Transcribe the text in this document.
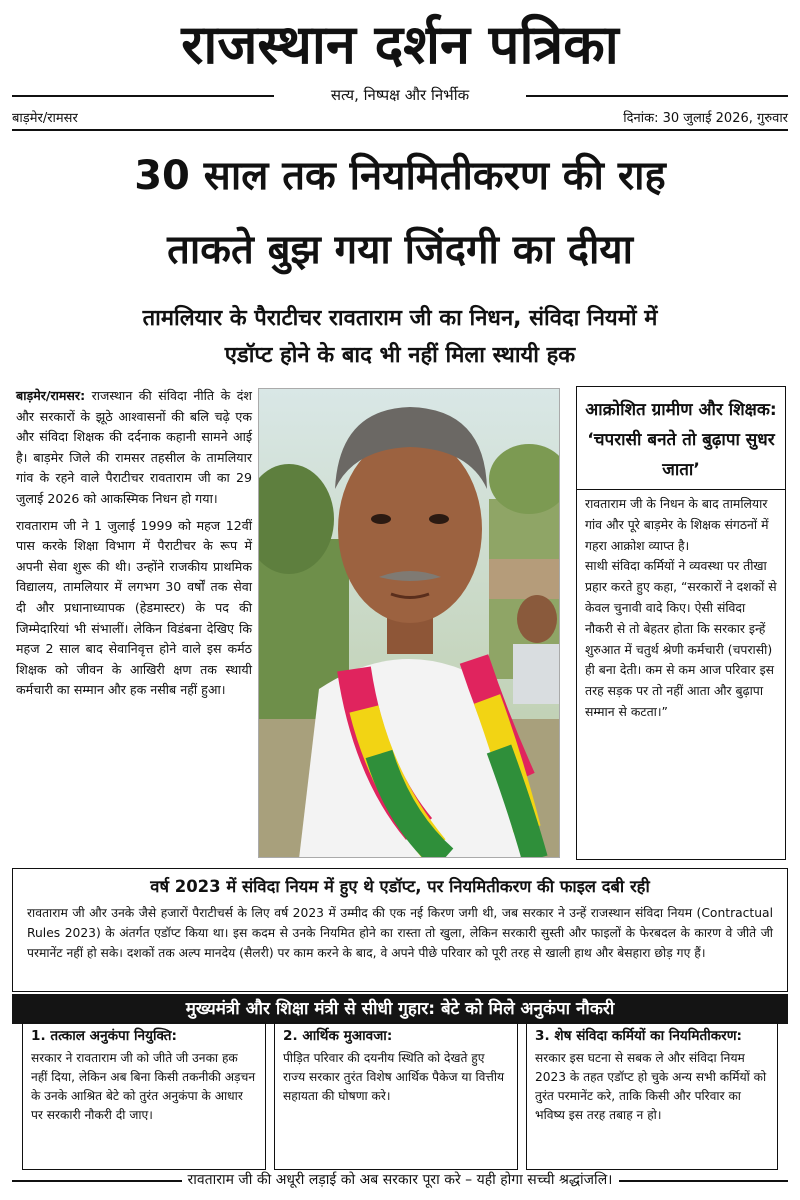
राजस्थान दर्शन पत्रिका
सत्य, निष्पक्ष और निर्भीक
बाड़मेर/रामसर	दिनांक: 30 जुलाई 2026, गुरुवार
30 साल तक नियमितीकरण की राह
ताकते बुझ गया जिंदगी का दीया
तामलियार के पैराटीचर रावताराम जी का निधन, संविदा नियमों में
एडॉप्ट होने के बाद भी नहीं मिला स्थायी हक

बाड़मेर/रामसर: राजस्थान की संविदा नीति के दंश और सरकारों के झूठे आश्वासनों की बलि चढ़े एक और संविदा शिक्षक की दर्दनाक कहानी सामने आई है। बाड़मेर जिले की रामसर तहसील के तामलियार गांव के रहने वाले पैराटीचर रावताराम जी का 29 जुलाई 2026 को आकस्मिक निधन हो गया।

रावताराम जी ने 1 जुलाई 1999 को महज 12वीं पास करके शिक्षा विभाग में पैराटीचर के रूप में अपनी सेवा शुरू की थी। उन्होंने राजकीय प्राथमिक विद्यालय, तामलियार में लगभग 30 वर्षों तक सेवा दी और प्रधानाध्यापक (हेडमास्टर) के पद की जिम्मेदारियां भी संभालीं। लेकिन विडंबना देखिए कि महज 2 साल बाद सेवानिवृत्त होने वाले इस कर्मठ शिक्षक को जीवन के आखिरी क्षण तक स्थायी कर्मचारी का सम्मान और हक नसीब नहीं हुआ।

आक्रोशित ग्रामीण और शिक्षक: ‘चपरासी बनते तो बुढ़ापा सुधर जाता’

रावताराम जी के निधन के बाद तामलियार गांव और पूरे बाड़मेर के शिक्षक संगठनों में गहरा आक्रोश व्याप्त है।

साथी संविदा कर्मियों ने व्यवस्था पर तीखा प्रहार करते हुए कहा, “सरकारों ने दशकों से केवल चुनावी वादे किए। ऐसी संविदा नौकरी से तो बेहतर होता कि सरकार इन्हें शुरुआत में चतुर्थ श्रेणी कर्मचारी (चपरासी) ही बना देती। कम से कम आज परिवार इस तरह सड़क पर तो नहीं आता और बुढ़ापा सम्मान से कटता।”

वर्ष 2023 में संविदा नियम में हुए थे एडॉप्ट, पर नियमितीकरण की फाइल दबी रही
रावताराम जी और उनके जैसे हजारों पैराटीचर्स के लिए वर्ष 2023 में उम्मीद की एक नई किरण जगी थी, जब सरकार ने उन्हें राजस्थान संविदा नियम (Contractual Rules 2023) के अंतर्गत एडॉप्ट किया था। इस कदम से उनके नियमित होने का रास्ता तो खुला, लेकिन सरकारी सुस्ती और फाइलों के फेरबदल के कारण वे जीते जी परमानेंट नहीं हो सके। दशकों तक अल्प मानदेय (सैलरी) पर काम करने के बाद, वे अपने पीछे परिवार को पूरी तरह से खाली हाथ और बेसहारा छोड़ गए हैं।
मुख्यमंत्री और शिक्षा मंत्री से सीधी गुहार: बेटे को मिले अनुकंपा नौकरी
1. तत्काल अनुकंपा नियुक्ति:
सरकार ने रावताराम जी को जीते जी उनका हक नहीं दिया, लेकिन अब बिना किसी तकनीकी अड़चन के उनके आश्रित बेटे को तुरंत अनुकंपा के आधार पर सरकारी नौकरी दी जाए।
2. आर्थिक मुआवजा:
पीड़ित परिवार की दयनीय स्थिति को देखते हुए राज्य सरकार तुरंत विशेष आर्थिक पैकेज या वित्तीय सहायता की घोषणा करे।
3. शेष संविदा कर्मियों का नियमितीकरण:
सरकार इस घटना से सबक ले और संविदा नियम 2023 के तहत एडॉप्ट हो चुके अन्य सभी कर्मियों को तुरंत परमानेंट करे, ताकि किसी और परिवार का भविष्य इस तरह तबाह न हो।
रावताराम जी की अधूरी लड़ाई को अब सरकार पूरा करे – यही होगा सच्ची श्रद्धांजलि।
